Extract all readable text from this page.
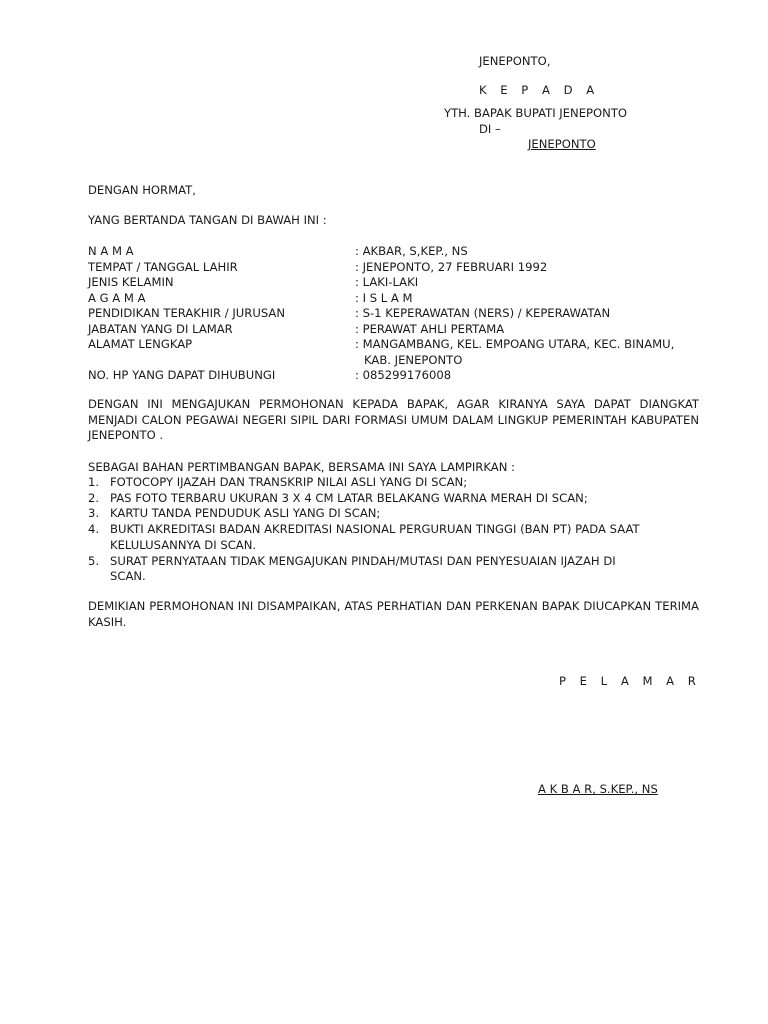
JENEPONTO,
K E P A D A
YTH. BAPAK BUPATI JENEPONTO
DI –
JENEPONTO
DENGAN HORMAT,
YANG BERTANDA TANGAN DI BAWAH INI :
N A M A	: AKBAR, S,KEP., NS
TEMPAT / TANGGAL LAHIR	: JENEPONTO, 27 FEBRUARI 1992
JENIS KELAMIN	: LAKI-LAKI
A G A M A	: I S L A M
PENDIDIKAN TERAKHIR / JURUSAN	: S-1 KEPERAWATAN (NERS) / KEPERAWATAN
JABATAN YANG DI LAMAR	: PERAWAT AHLI PERTAMA
ALAMAT LENGKAP	: MANGAMBANG, KEL. EMPOANG UTARA, KEC. BINAMU,
KAB. JENEPONTO
NO. HP YANG DAPAT DIHUBUNGI	: 085299176008
DENGAN INI MENGAJUKAN PERMOHONAN KEPADA BAPAK, AGAR KIRANYA SAYA DAPAT DIANGKAT MENJADI CALON PEGAWAI NEGERI SIPIL DARI FORMASI UMUM DALAM LINGKUP PEMERINTAH KABUPATEN JENEPONTO .
SEBAGAI BAHAN PERTIMBANGAN BAPAK, BERSAMA INI SAYA LAMPIRKAN :
1. FOTOCOPY IJAZAH DAN TRANSKRIP NILAI ASLI YANG DI SCAN;
2. PAS FOTO TERBARU UKURAN 3 X 4 CM LATAR BELAKANG WARNA MERAH DI SCAN;
3. KARTU TANDA PENDUDUK ASLI YANG DI SCAN;
4. BUKTI AKREDITASI BADAN AKREDITASI NASIONAL PERGURUAN TINGGI (BAN PT) PADA SAAT
KELULUSANNYA DI SCAN.
5. SURAT PERNYATAAN TIDAK MENGAJUKAN PINDAH/MUTASI DAN PENYESUAIAN IJAZAH DI
SCAN.
DEMIKIAN PERMOHONAN INI DISAMPAIKAN, ATAS PERHATIAN DAN PERKENAN BAPAK DIUCAPKAN TERIMA KASIH.
P E L A M A R
A K B A R, S.KEP., NS
